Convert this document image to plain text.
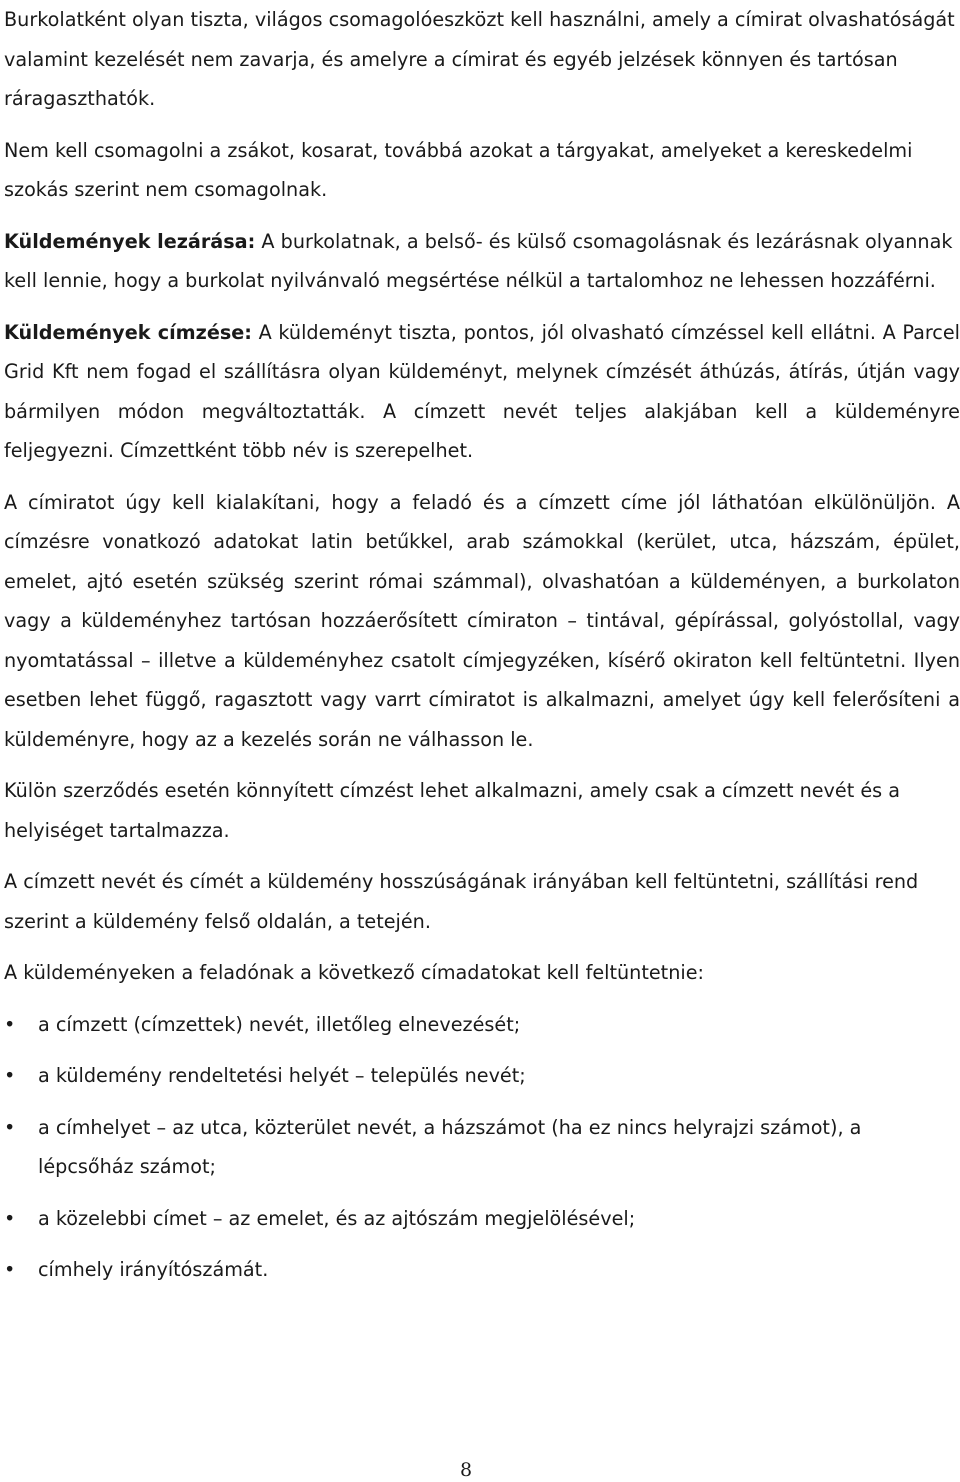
Burkolatként olyan tiszta, világos csomagolóeszközt kell használni, amely a címirat olvashatóságát valamint kezelését nem zavarja, és amelyre a címirat és egyéb jelzések könnyen és tartósan ráragaszthatók.

Nem kell csomagolni a zsákot, kosarat, továbbá azokat a tárgyakat, amelyeket a kereskedelmi szokás szerint nem csomagolnak.

Küldemények lezárása: A burkolatnak, a belső- és külső csomagolásnak és lezárásnak olyannak kell lennie, hogy a burkolat nyilvánvaló megsértése nélkül a tartalomhoz ne lehessen hozzáférni.

Küldemények címzése: A küldeményt tiszta, pontos, jól olvasható címzéssel kell ellátni. A Parcel Grid Kft nem fogad el szállításra olyan küldeményt, melynek címzését áthúzás, átírás, útján vagy bármilyen módon megváltoztatták. A címzett nevét teljes alakjában kell a küldeményre feljegyezni. Címzettként több név is szerepelhet.

A címiratot úgy kell kialakítani, hogy a feladó és a címzett címe jól láthatóan elkülönüljön. A címzésre vonatkozó adatokat latin betűkkel, arab számokkal (kerület, utca, házszám, épület, emelet, ajtó esetén szükség szerint római számmal), olvashatóan a küldeményen, a burkolaton vagy a küldeményhez tartósan hozzáerősített címiraton – tintával, gépírással, golyóstollal, vagy nyomtatással – illetve a küldeményhez csatolt címjegyzéken, kísérő okiraton kell feltüntetni. Ilyen esetben lehet függő, ragasztott vagy varrt címiratot is alkalmazni, amelyet úgy kell felerősíteni a küldeményre, hogy az a kezelés során ne válhasson le.

Külön szerződés esetén könnyített címzést lehet alkalmazni, amely csak a címzett nevét és a helyiséget tartalmazza.

A címzett nevét és címét a küldemény hosszúságának irányában kell feltüntetni, szállítási rend szerint a küldemény felső oldalán, a tetején.

A küldeményeken a feladónak a következő címadatokat kell feltüntetnie:

• a címzett (címzettek) nevét, illetőleg elnevezését;
• a küldemény rendeltetési helyét – település nevét;
• a címhelyet – az utca, közterület nevét, a házszámot (ha ez nincs helyrajzi számot), a lépcsőház számot;
• a közelebbi címet – az emelet, és az ajtószám megjelölésével;
• címhely irányítószámát.
8
